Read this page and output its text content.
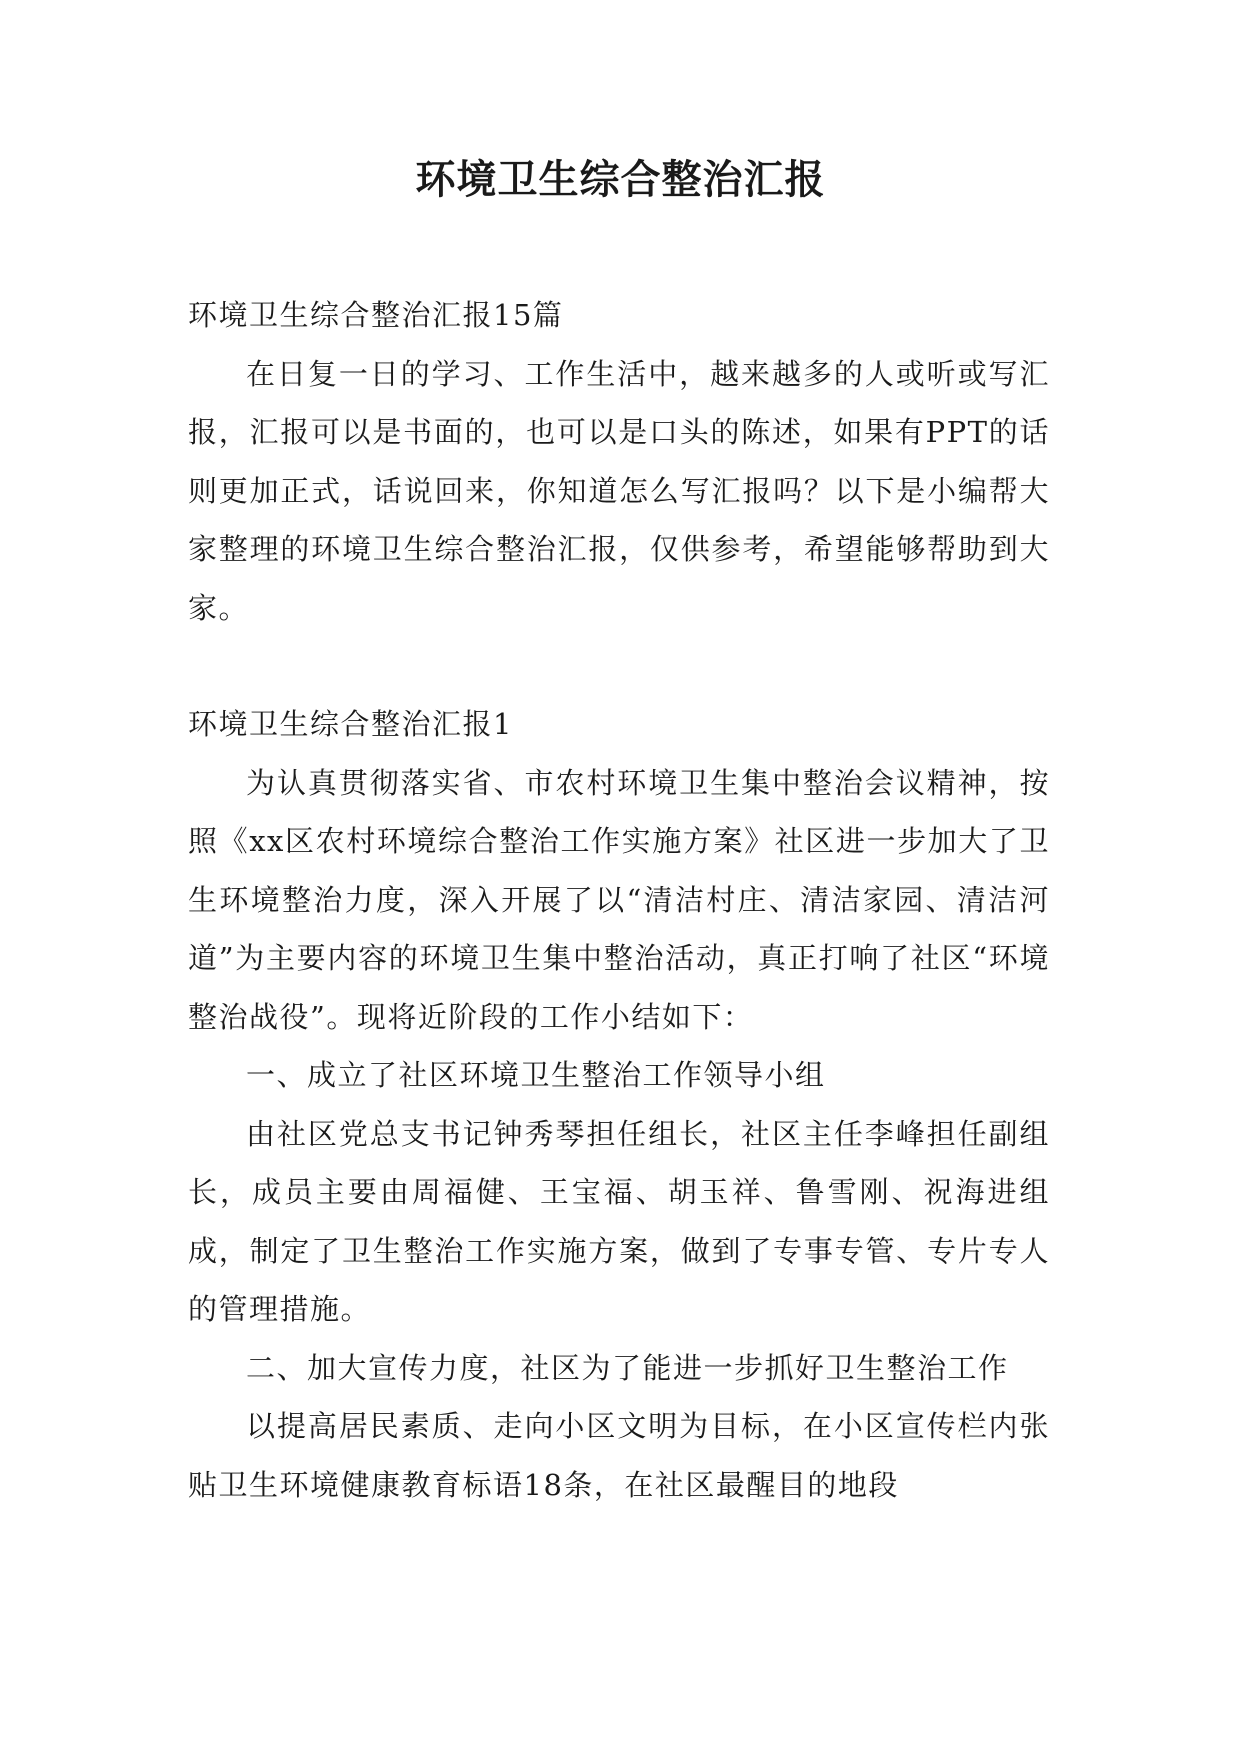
环境卫生综合整治汇报

环境卫生综合整治汇报15篇

在日复一日的学习、工作生活中，越来越多的人或听或写汇报，汇报可以是书面的，也可以是口头的陈述，如果有PPT的话则更加正式，话说回来，你知道怎么写汇报吗？以下是小编帮大家整理的环境卫生综合整治汇报，仅供参考，希望能够帮助到大家。

环境卫生综合整治汇报1

为认真贯彻落实省、市农村环境卫生集中整治会议精神，按照《xx区农村环境综合整治工作实施方案》社区进一步加大了卫生环境整治力度，深入开展了以“清洁村庄、清洁家园、清洁河道”为主要内容的环境卫生集中整治活动，真正打响了社区“环境整治战役”。现将近阶段的工作小结如下：

一、成立了社区环境卫生整治工作领导小组

由社区党总支书记钟秀琴担任组长，社区主任李峰担任副组长，成员主要由周福健、王宝福、胡玉祥、鲁雪刚、祝海进组成，制定了卫生整治工作实施方案，做到了专事专管、专片专人的管理措施。

二、加大宣传力度，社区为了能进一步抓好卫生整治工作

以提高居民素质、走向小区文明为目标，在小区宣传栏内张贴卫生环境健康教育标语18条，在社区最醒目的地段
